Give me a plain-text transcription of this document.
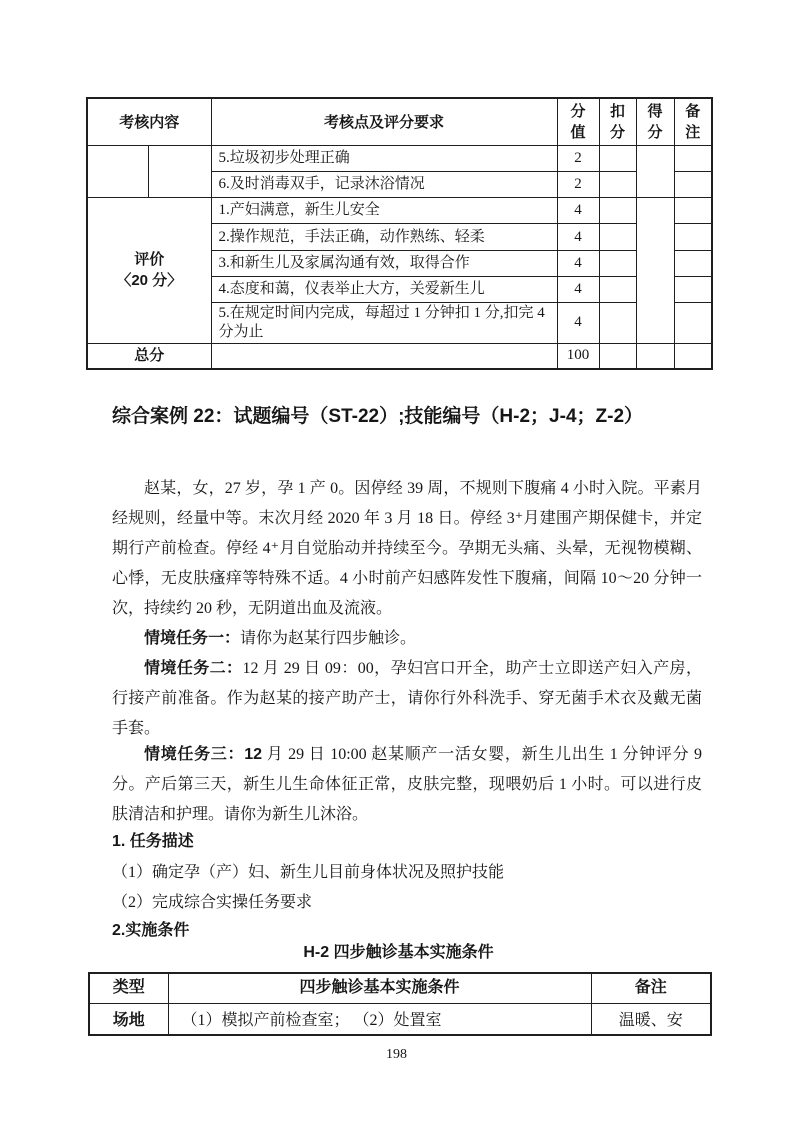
考核内容		考核点及评分要求	分值	扣分	得分	备注
		5.垃圾初步处理正确	2			
		6.及时消毒双手，记录沐浴情况	2			

评价
〈20 分〉		1.产妇满意，新生儿安全	4			
		2.操作规范，手法正确，动作熟练、轻柔	4			
		3.和新生儿及家属沟通有效，取得合作	4			
		4.态度和蔼，仪表举止大方，关爱新生儿	4			
		5.在规定时间内完成，每超过 1 分钟扣 1 分,扣完 4 分为止	4			
总分			100			
综合案例 22：试题编号（ST-22）;技能编号（H-2；J-4；Z-2）
赵某，女，27 岁，孕 1 产 0。因停经 39 周，不规则下腹痛 4 小时入院。平素月经规则，经量中等。末次月经 2020 年 3 月 18 日。停经 3⁺月建围产期保健卡，并定期行产前检查。停经 4⁺月自觉胎动并持续至今。孕期无头痛、头晕，无视物模糊、心悸，无皮肤瘙痒等特殊不适。4 小时前产妇感阵发性下腹痛，间隔 10～20 分钟一次，持续约 20 秒，无阴道出血及流液。
情境任务一：请你为赵某行四步触诊。
情境任务二：12 月 29 日 09：00，孕妇宫口开全，助产士立即送产妇入产房，行接产前准备。作为赵某的接产助产士，请你行外科洗手、穿无菌手术衣及戴无菌手套。
情境任务三：12 月 29 日 10:00 赵某顺产一活女婴，新生儿出生 1 分钟评分 9 分。产后第三天，新生儿生命体征正常，皮肤完整，现喂奶后 1 小时。可以进行皮肤清洁和护理。请你为新生儿沐浴。
1. 任务描述
（1）确定孕（产）妇、新生儿目前身体状况及照护技能
（2）完成综合实操任务要求
2.实施条件
H-2 四步触诊基本实施条件
类型	四步触诊基本实施条件	备注
场地	（1）模拟产前检查室； （2）处置室	温暖、安
198
